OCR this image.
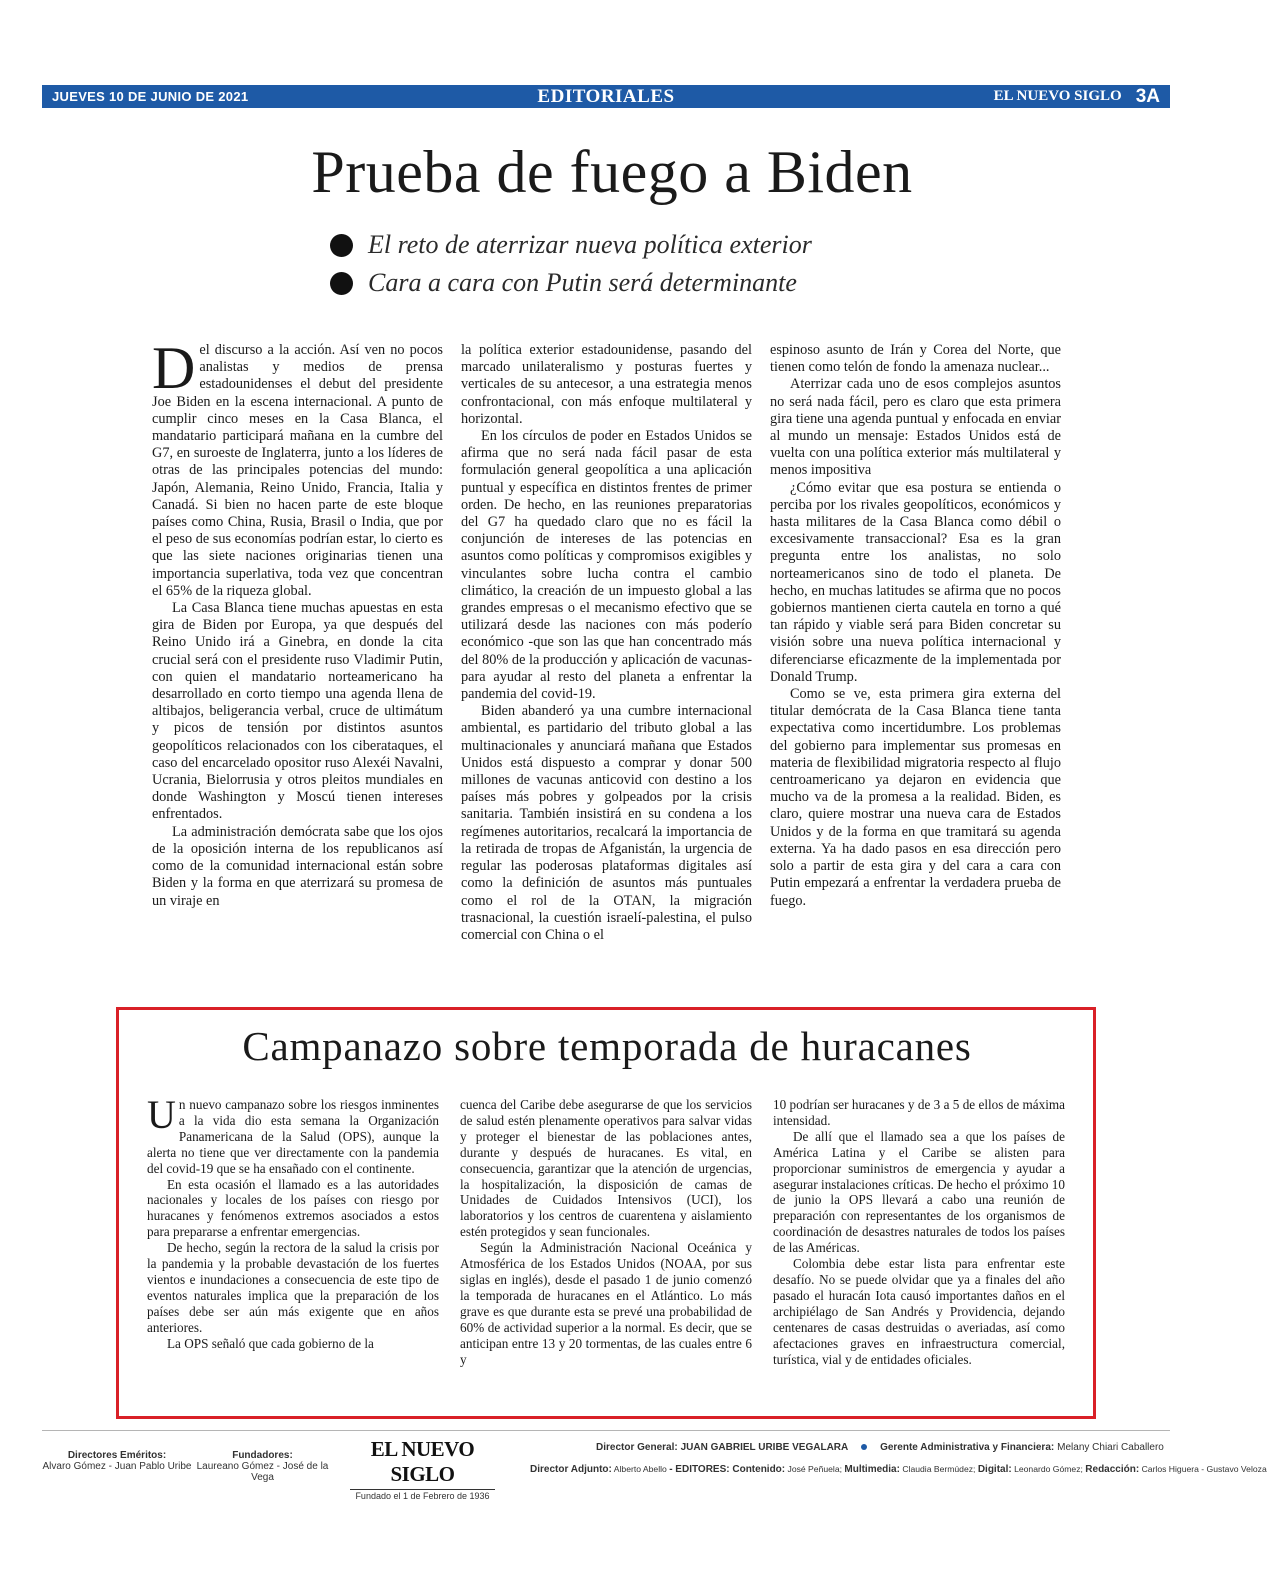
JUEVES 10 DE JUNIO DE 2021	EDITORIALES	EL NUEVO SIGLO 3A
Prueba de fuego a Biden
El reto de aterrizar nueva política exterior
Cara a cara con Putin será determinante

Del discurso a la acción. Así ven no pocos analistas y medios de prensa estadounidenses el debut del presidente Joe Biden en la escena internacional. A punto de cumplir cinco meses en la Casa Blanca, el mandatario participará mañana en la cumbre del G7, en suroeste de Inglaterra, junto a los líderes de otras de las principales potencias del mundo: Japón, Alemania, Reino Unido, Francia, Italia y Canadá. Si bien no hacen parte de este bloque países como China, Rusia, Brasil o India, que por el peso de sus economías podrían estar, lo cierto es que las siete naciones originarias tienen una importancia superlativa, toda vez que concentran el 65% de la riqueza global.

La Casa Blanca tiene muchas apuestas en esta gira de Biden por Europa, ya que después del Reino Unido irá a Ginebra, en donde la cita crucial será con el presidente ruso Vladimir Putin, con quien el mandatario norteamericano ha desarrollado en corto tiempo una agenda llena de altibajos, beligerancia verbal, cruce de ultimátum y picos de tensión por distintos asuntos geopolíticos relacionados con los ciberataques, el caso del encarcelado opositor ruso Alexéi Navalni, Ucrania, Bielorrusia y otros pleitos mundiales en donde Washington y Moscú tienen intereses enfrentados.

La administración demócrata sabe que los ojos de la oposición interna de los republicanos así como de la comunidad internacional están sobre Biden y la forma en que aterrizará su promesa de un viraje en

la política exterior estadounidense, pasando del marcado unilateralismo y posturas fuertes y verticales de su antecesor, a una estrategia menos confrontacional, con más enfoque multilateral y horizontal.

En los círculos de poder en Estados Unidos se afirma que no será nada fácil pasar de esta formulación general geopolítica a una aplicación puntual y específica en distintos frentes de primer orden. De hecho, en las reuniones preparatorias del G7 ha quedado claro que no es fácil la conjunción de intereses de las potencias en asuntos como políticas y compromisos exigibles y vinculantes sobre lucha contra el cambio climático, la creación de un impuesto global a las grandes empresas o el mecanismo efectivo que se utilizará desde las naciones con más poderío económico -que son las que han concentrado más del 80% de la producción y aplicación de vacunas- para ayudar al resto del planeta a enfrentar la pandemia del covid-19.

Biden abanderó ya una cumbre internacional ambiental, es partidario del tributo global a las multinacionales y anunciará mañana que Estados Unidos está dispuesto a comprar y donar 500 millones de vacunas anticovid con destino a los países más pobres y golpeados por la crisis sanitaria. También insistirá en su condena a los regímenes autoritarios, recalcará la importancia de la retirada de tropas de Afganistán, la urgencia de regular las poderosas plataformas digitales así como la definición de asuntos más puntuales como el rol de la OTAN, la migración trasnacional, la cuestión israelí-palestina, el pulso comercial con China o el

espinoso asunto de Irán y Corea del Norte, que tienen como telón de fondo la amenaza nuclear...

Aterrizar cada uno de esos complejos asuntos no será nada fácil, pero es claro que esta primera gira tiene una agenda puntual y enfocada en enviar al mundo un mensaje: Estados Unidos está de vuelta con una política exterior más multilateral y menos impositiva

¿Cómo evitar que esa postura se entienda o perciba por los rivales geopolíticos, económicos y hasta militares de la Casa Blanca como débil o excesivamente transaccional? Esa es la gran pregunta entre los analistas, no solo norteamericanos sino de todo el planeta. De hecho, en muchas latitudes se afirma que no pocos gobiernos mantienen cierta cautela en torno a qué tan rápido y viable será para Biden concretar su visión sobre una nueva política internacional y diferenciarse eficazmente de la implementada por Donald Trump.

Como se ve, esta primera gira externa del titular demócrata de la Casa Blanca tiene tanta expectativa como incertidumbre. Los problemas del gobierno para implementar sus promesas en materia de flexibilidad migratoria respecto al flujo centroamericano ya dejaron en evidencia que mucho va de la promesa a la realidad. Biden, es claro, quiere mostrar una nueva cara de Estados Unidos y de la forma en que tramitará su agenda externa. Ya ha dado pasos en esa dirección pero solo a partir de esta gira y del cara a cara con Putin empezará a enfrentar la verdadera prueba de fuego.

Campanazo sobre temporada de huracanes

Un nuevo campanazo sobre los riesgos inminentes a la vida dio esta semana la Organización Panamericana de la Salud (OPS), aunque la alerta no tiene que ver directamente con la pandemia del covid-19 que se ha ensañado con el continente.

En esta ocasión el llamado es a las autoridades nacionales y locales de los países con riesgo por huracanes y fenómenos extremos asociados a estos para prepararse a enfrentar emergencias.

De hecho, según la rectora de la salud la crisis por la pandemia y la probable devastación de los fuertes vientos e inundaciones a consecuencia de este tipo de eventos naturales implica que la preparación de los países debe ser aún más exigente que en años anteriores.

La OPS señaló que cada gobierno de la

cuenca del Caribe debe asegurarse de que los servicios de salud estén plenamente operativos para salvar vidas y proteger el bienestar de las poblaciones antes, durante y después de huracanes. Es vital, en consecuencia, garantizar que la atención de urgencias, la hospitalización, la disposición de camas de Unidades de Cuidados Intensivos (UCI), los laboratorios y los centros de cuarentena y aislamiento estén protegidos y sean funcionales.

Según la Administración Nacional Oceánica y Atmosférica de los Estados Unidos (NOAA, por sus siglas en inglés), desde el pasado 1 de junio comenzó la temporada de huracanes en el Atlántico. Lo más grave es que durante esta se prevé una probabilidad de 60% de actividad superior a la normal. Es decir, que se anticipan entre 13 y 20 tormentas, de las cuales entre 6 y

10 podrían ser huracanes y de 3 a 5 de ellos de máxima intensidad.

De allí que el llamado sea a que los países de América Latina y el Caribe se alisten para proporcionar suministros de emergencia y ayudar a asegurar instalaciones críticas. De hecho el próximo 10 de junio la OPS llevará a cabo una reunión de preparación con representantes de los organismos de coordinación de desastres naturales de todos los países de las Américas.

Colombia debe estar lista para enfrentar este desafío. No se puede olvidar que ya a finales del año pasado el huracán Iota causó importantes daños en el archipiélago de San Andrés y Providencia, dejando centenares de casas destruidas o averiadas, así como afectaciones graves en infraestructura comercial, turística, vial y de entidades oficiales.

Directores Eméritos:
Alvaro Gómez - Juan Pablo Uribe
Fundadores:
Laureano Gómez - José de la Vega
EL NUEVO SIGLO
Fundado el 1 de Febrero de 1936
Director General: JUAN GABRIEL URIBE VEGALARA	Gerente Administrativa y Financiera: Melany Chiari Caballero
Director Adjunto: Alberto Abello - EDITORES: Contenido: José Peñuela; Multimedia: Claudia Bermúdez; Digital: Leonardo Gómez; Redacción: Carlos Higuera - Gustavo Veloza
